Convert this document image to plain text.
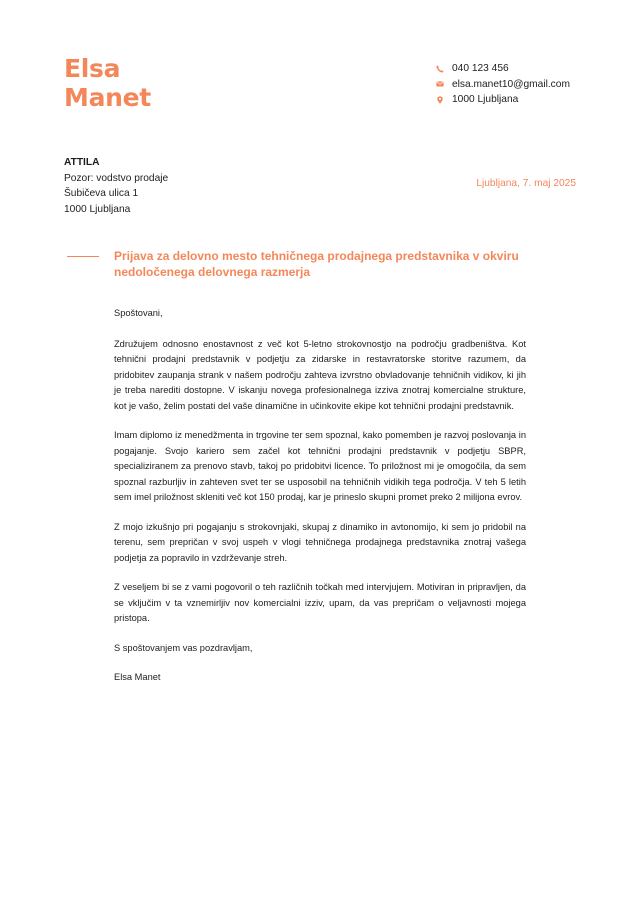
Elsa
Manet
040 123 456
elsa.manet10@gmail.com
1000 Ljubljana
ATTILA
Pozor: vodstvo prodaje
Šubičeva ulica 1
1000 Ljubljana
Ljubljana, 7. maj 2025
Prijava za delovno mesto tehničnega prodajnega predstavnika v okviru nedoločenega delovnega razmerja

Spoštovani,

Združujem odnosno enostavnost z več kot 5-letno strokovnostjo na področju gradbeništva. Kot tehnični prodajni predstavnik v podjetju za zidarske in restavratorske storitve razumem, da pridobitev zaupanja strank v našem področju zahteva izvrstno obvladovanje tehničnih vidikov, ki jih je treba narediti dostopne. V iskanju novega profesionalnega izziva znotraj komercialne strukture, kot je vašo, želim postati del vaše dinamične in učinkovite ekipe kot tehnični prodajni predstavnik.

Imam diplomo iz menedžmenta in trgovine ter sem spoznal, kako pomemben je razvoj poslovanja in pogajanje. Svojo kariero sem začel kot tehnični prodajni predstavnik v podjetju SBPR, specializiranem za prenovo stavb, takoj po pridobitvi licence. To priložnost mi je omogočila, da sem spoznal razburljiv in zahteven svet ter se usposobil na tehničnih vidikih tega področja. V teh 5 letih sem imel priložnost skleniti več kot 150 prodaj, kar je prineslo skupni promet preko 2 milijona evrov.

Z mojo izkušnjo pri pogajanju s strokovnjaki, skupaj z dinamiko in avtonomijo, ki sem jo pridobil na terenu, sem prepričan v svoj uspeh v vlogi tehničnega prodajnega predstavnika znotraj vašega podjetja za popravilo in vzdrževanje streh.

Z veseljem bi se z vami pogovoril o teh različnih točkah med intervjujem. Motiviran in pripravljen, da se vključim v ta vznemirljiv nov komercialni izziv, upam, da vas prepričam o veljavnosti mojega pristopa.

S spoštovanjem vas pozdravljam,

Elsa Manet
